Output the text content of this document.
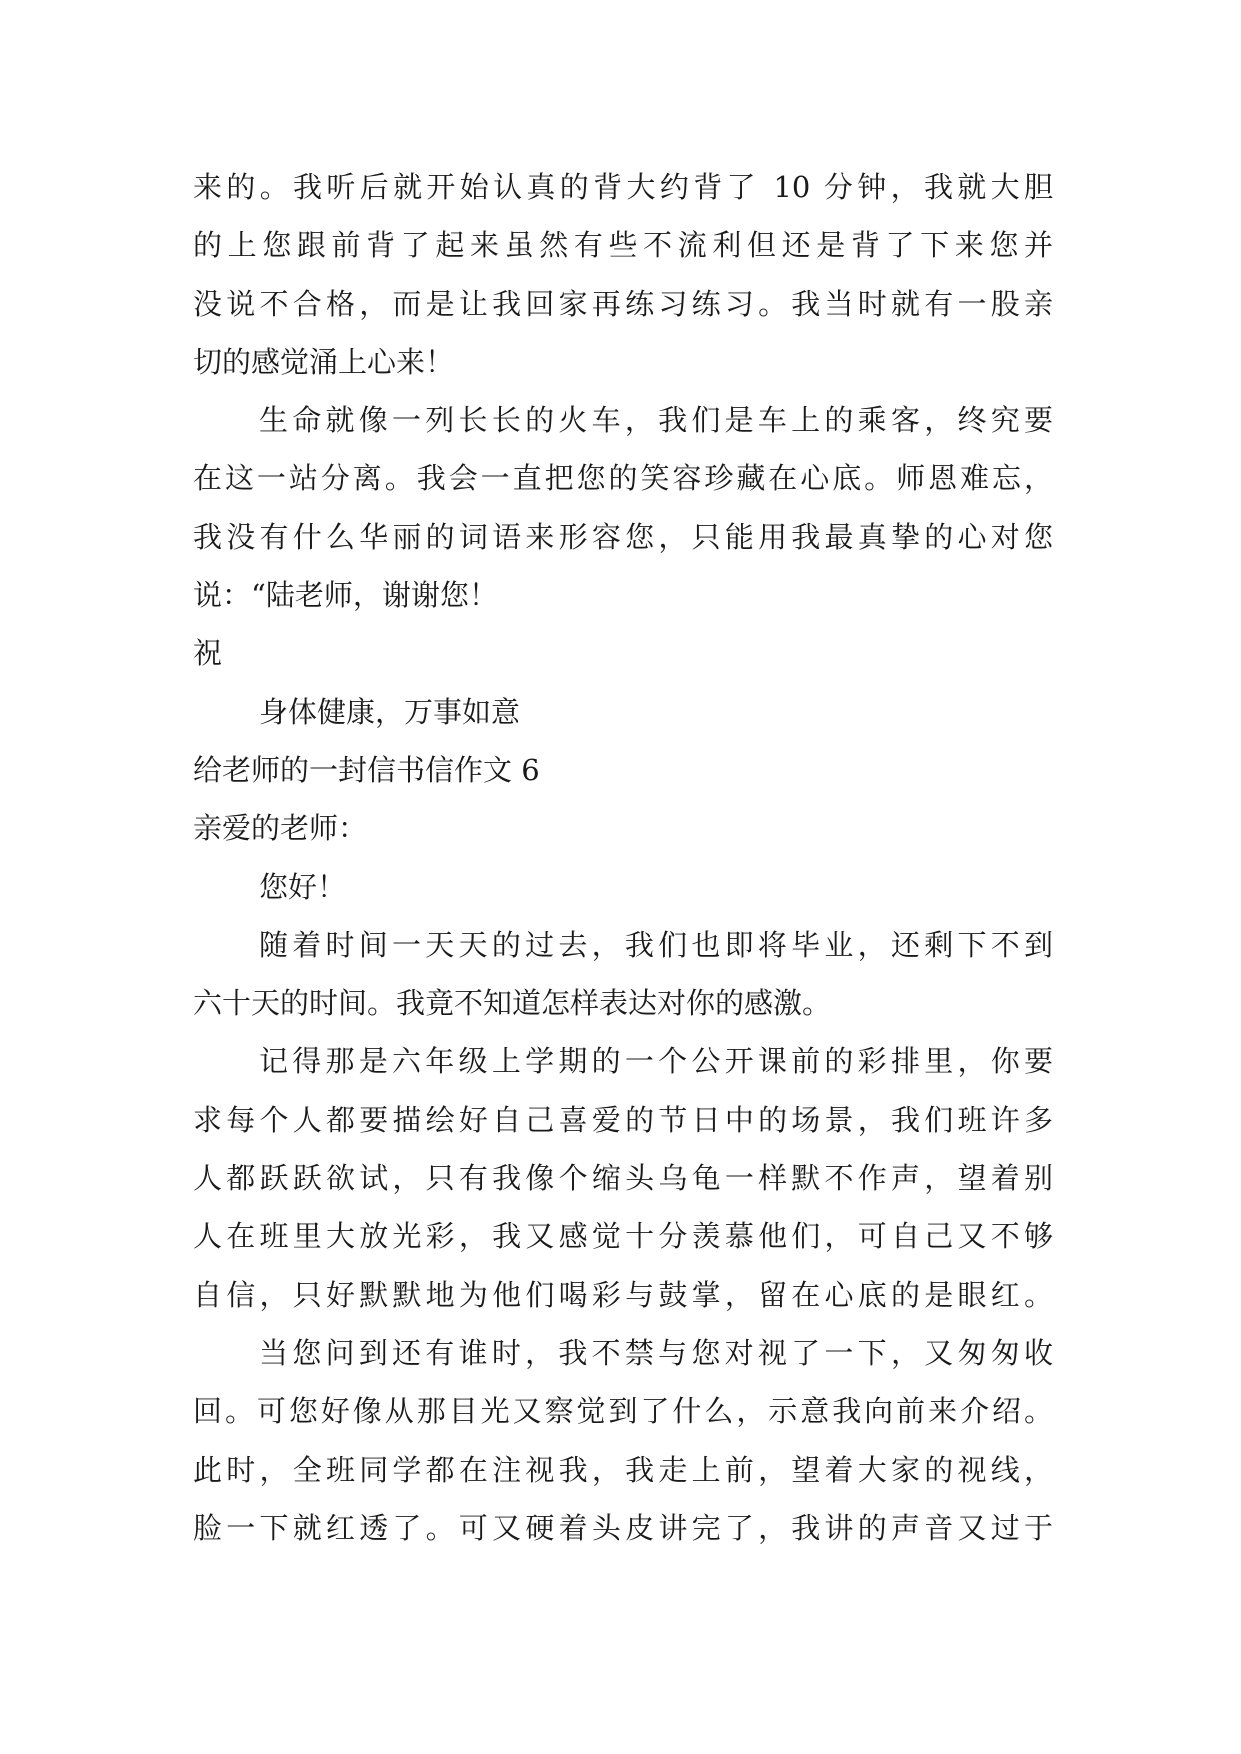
来的。我听后就开始认真的背大约背了 10 分钟，我就大胆
的上您跟前背了起来虽然有些不流利但还是背了下来您并
没说不合格，而是让我回家再练习练习。我当时就有一股亲
切的感觉涌上心来！
生命就像一列长长的火车，我们是车上的乘客，终究要
在这一站分离。我会一直把您的笑容珍藏在心底。师恩难忘，
我没有什么华丽的词语来形容您，只能用我最真挚的心对您
说：“陆老师，谢谢您！
祝
身体健康，万事如意
给老师的一封信书信作文 6
亲爱的老师：
您好！
随着时间一天天的过去，我们也即将毕业，还剩下不到
六十天的时间。我竟不知道怎样表达对你的感激。
记得那是六年级上学期的一个公开课前的彩排里，你要
求每个人都要描绘好自己喜爱的节日中的场景，我们班许多
人都跃跃欲试，只有我像个缩头乌龟一样默不作声，望着别
人在班里大放光彩，我又感觉十分羡慕他们，可自己又不够
自信，只好默默地为他们喝彩与鼓掌，留在心底的是眼红。
当您问到还有谁时，我不禁与您对视了一下，又匆匆收
回。可您好像从那目光又察觉到了什么，示意我向前来介绍。
此时，全班同学都在注视我，我走上前，望着大家的视线，
脸一下就红透了。可又硬着头皮讲完了，我讲的声音又过于
